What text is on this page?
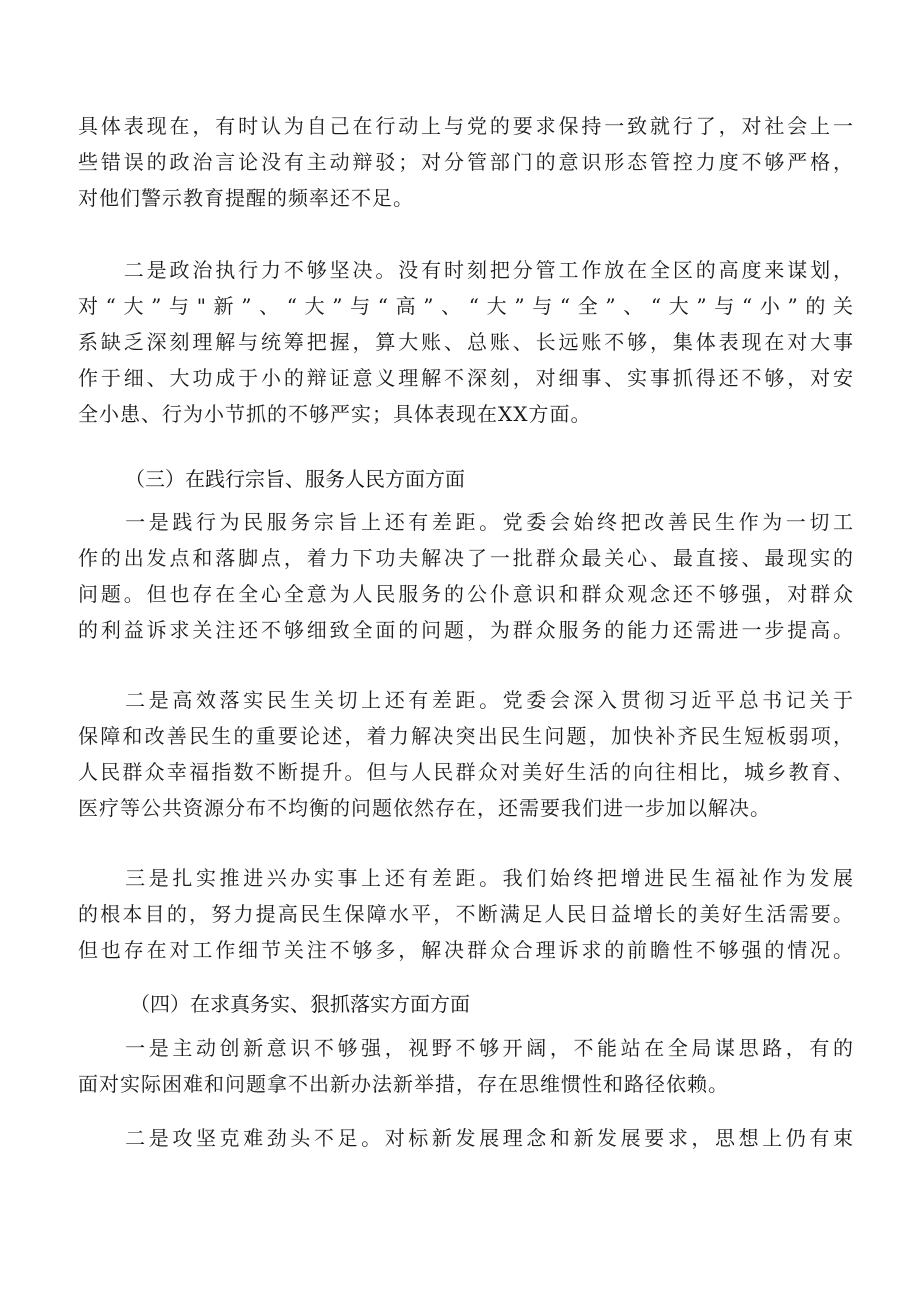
具体表现在，有时认为自己在行动上与党的要求保持一致就行了，对社会上一
些错误的政治言论没有主动辩驳；对分管部门的意识形态管控力度不够严格，
对他们警示教育提醒的频率还不足。
　　二是政治执行力不够坚决。没有时刻把分管工作放在全区的高度来谋划，
对“大”与"新”、“大”与“高”、“大”与“全”、“大”与“小”的关
系缺乏深刻理解与统筹把握，算大账、总账、长远账不够，集体表现在对大事
作于细、大功成于小的辩证意义理解不深刻，对细事、实事抓得还不够，对安
全小患、行为小节抓的不够严实；具体表现在XX方面。
（三）在践行宗旨、服务人民方面方面
　　一是践行为民服务宗旨上还有差距。党委会始终把改善民生作为一切工
作的出发点和落脚点，着力下功夫解决了一批群众最关心、最直接、最现实的
问题。但也存在全心全意为人民服务的公仆意识和群众观念还不够强，对群众
的利益诉求关注还不够细致全面的问题，为群众服务的能力还需进一步提高。
　　二是高效落实民生关切上还有差距。党委会深入贯彻习近平总书记关于
保障和改善民生的重要论述，着力解决突出民生问题，加快补齐民生短板弱项，
人民群众幸福指数不断提升。但与人民群众对美好生活的向往相比，城乡教育、
医疗等公共资源分布不均衡的问题依然存在，还需要我们进一步加以解决。
　　三是扎实推进兴办实事上还有差距。我们始终把增进民生福祉作为发展
的根本目的，努力提高民生保障水平，不断满足人民日益增长的美好生活需要。
但也存在对工作细节关注不够多，解决群众合理诉求的前瞻性不够强的情况。
（四）在求真务实、狠抓落实方面方面
　　一是主动创新意识不够强，视野不够开阔，不能站在全局谋思路，有的
面对实际困难和问题拿不出新办法新举措，存在思维惯性和路径依赖。
　　二是攻坚克难劲头不足。对标新发展理念和新发展要求，思想上仍有束
